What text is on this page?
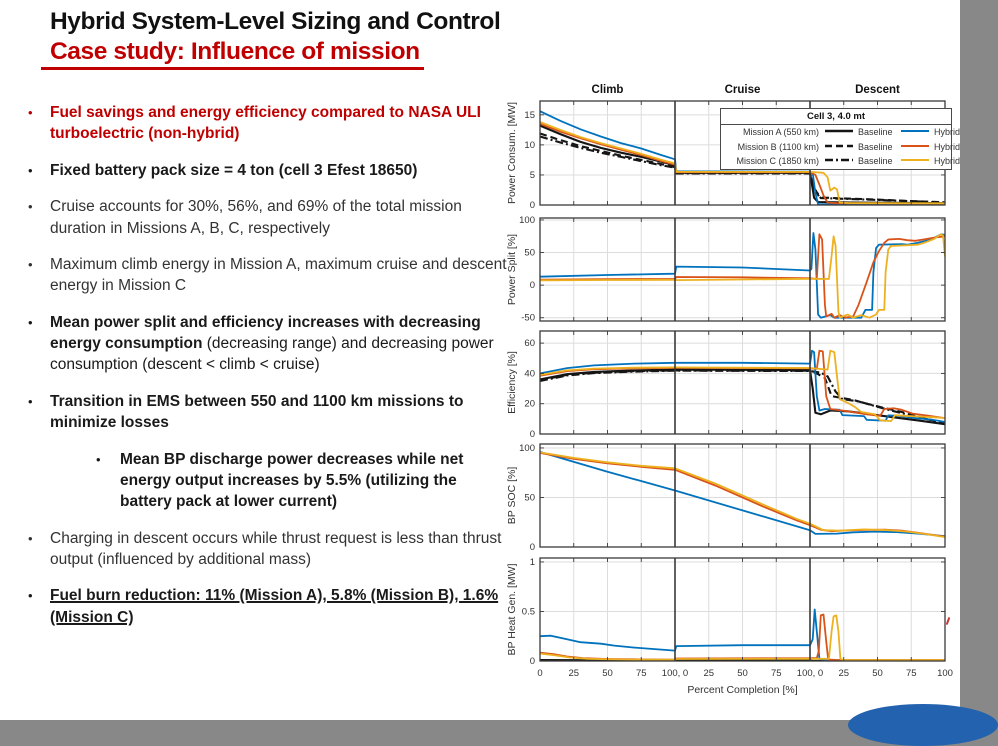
Hybrid System-Level Sizing and Control
Case study: Influence of mission
•	Fuel savings and energy efficiency compared to NASA ULI turboelectric (non-hybrid)
•	Fixed battery pack size = 4 ton (cell 3 Efest 18650)
•	Cruise accounts for 30%, 56%, and 69% of the total mission duration in Missions A, B, C, respectively
•	Maximum climb energy in Mission A, maximum cruise and descent energy in Mission C
•	Mean power split and efficiency increases with decreasing energy consumption (decreasing range) and decreasing power consumption (descent < climb < cruise)
•	Transition in EMS between 550 and 1100 km missions to minimize losses
•	Mean BP discharge power decreases while net energy output increases by 5.5% (utilizing the battery pack at lower current)
•	Charging in descent occurs while thrust request is less than thrust output (influenced by additional mass)
•	Fuel burn reduction: 11% (Mission A), 5.8% (Mission B), 1.6% (Mission C)
Climb	Cruise	Descent
0
5
10
15
Power Consum. [MW]
-50
0
50
100
Power Split [%]
0
20
40
60
Efficiency [%]
0
50
100
BP SOC [%]
0
0.5
1
BP Heat Gen. [MW]
0	25 50 75 100, 0 25 50 75 100, 0 25 50 75 100
Percent Completion [%]
Cell 3, 4.0 mt
Mission A (550 km)	Baseline	Hybrid
Mission B (1100 km)	Baseline	Hybrid
Mission C (1850 km)	Baseline	Hybrid
